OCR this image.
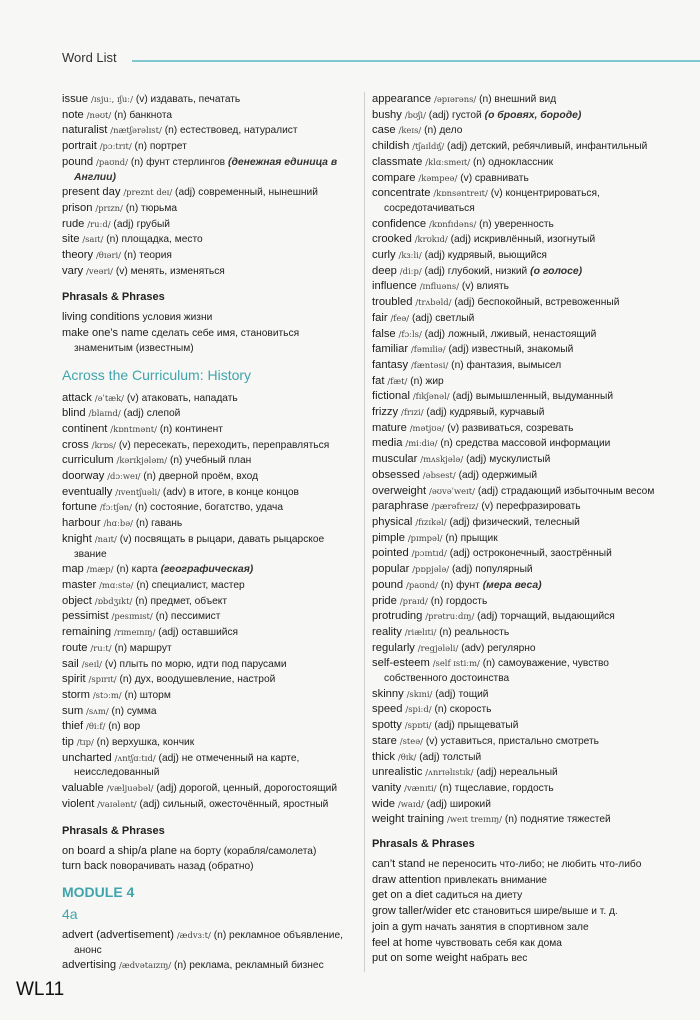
Word List
issue /ɪsjuː, ɪʃuː/ (v) издавать, печатать
note /nəʊt/ (n) банкнота
naturalist /nætʃərəlɪst/ (n) естествовед, натуралист
portrait /pɔːtrɪt/ (n) портрет
pound /paʊnd/ (n) фунт стерлингов (денежная единица в Англии)
present day /preznt deɪ/ (adj) современный, нынешний
prison /prɪzn/ (n) тюрьма
rude /ruːd/ (adj) грубый
site /saɪt/ (n) площадка, место
theory /θɪəri/ (n) теория
vary /veəri/ (v) менять, изменяться
Phrasals & Phrases
living conditions условия жизни
make one’s name сделать себе имя, становиться знаменитым (известным)
Across the Curriculum: History
attack /əˈtæk/ (v) атаковать, нападать
blind /blaɪnd/ (adj) слепой
continent /kɒntɪnənt/ (n) континент
cross /krɒs/ (v) пересекать, переходить, переправляться
curriculum /kərɪkjələm/ (n) учебный план
doorway /dɔːweɪ/ (n) дверной проём, вход
eventually /ɪventʃuəli/ (adv) в итоге, в конце концов
fortune /fɔːtʃən/ (n) состояние, богатство, удача
harbour /hɑːbə/ (n) гавань
knight /naɪt/ (v) посвящать в рыцари, давать рыцарское звание
map /mæp/ (n) карта (географическая)
master /mɑːstə/ (n) специалист, мастер
object /ɒbdʒɪkt/ (n) предмет, объект
pessimist /pesɪmɪst/ (n) пессимист
remaining /rɪmeɪnɪŋ/ (adj) оставшийся
route /ruːt/ (n) маршрут
sail /seɪl/ (v) плыть по морю, идти под парусами
spirit /spɪrɪt/ (n) дух, воодушевление, настрой
storm /stɔːm/ (n) шторм
sum /sʌm/ (n) сумма
thief /θiːf/ (n) вор
tip /tɪp/ (n) верхушка, кончик
uncharted /ʌntʃɑːtɪd/ (adj) не отмеченный на карте, неисследованный
valuable /væljuəbəl/ (adj) дорогой, ценный, дорогостоящий
violent /vaɪələnt/ (adj) сильный, ожесточённый, яростный
Phrasals & Phrases
on board a ship/a plane на борту (корабля/самолета)
turn back поворачивать назад (обратно)
MODULE 4
4a
advert (advertisement) /ædvɜːt/ (n) рекламное объявление, анонс
advertising /ædvətaɪzɪŋ/ (n) реклама, рекламный бизнес
appearance /əpɪərəns/ (n) внешний вид
bushy /bʊʃi/ (adj) густой (о бровях, бороде)
case /keɪs/ (n) дело
childish /tʃaɪldɪʃ/ (adj) детский, ребячливый, инфантильный
classmate /klɑːsmeɪt/ (n) одноклассник
compare /kəmpeə/ (v) сравнивать
concentrate /kɒnsəntreɪt/ (v) концентрироваться, сосредотачиваться
confidence /kɒnfɪdəns/ (n) уверенность
crooked /krʊkɪd/ (adj) искривлённый, изогнутый
curly /kɜːli/ (adj) кудрявый, вьющийся
deep /diːp/ (adj) глубокий, низкий (о голосе)
influence /ɪnfluəns/ (v) влиять
troubled /trʌbəld/ (adj) беспокойный, встревоженный
fair /feə/ (adj) светлый
false /fɔːls/ (adj) ложный, лживый, ненастоящий
familiar /fəmɪliə/ (adj) известный, знакомый
fantasy /fæntəsi/ (n) фантазия, вымысел
fat /fæt/ (n) жир
fictional /fɪkʃənəl/ (adj) вымышленный, выдуманный
frizzy /frɪzi/ (adj) кудрявый, курчавый
mature /mətjʊə/ (v) развиваться, созревать
media /miːdiə/ (n) средства массовой информации
muscular /mʌskjələ/ (adj) мускулистый
obsessed /əbsest/ (adj) одержимый
overweight /əʊvəˈweɪt/ (adj) страдающий избыточным весом
paraphrase /pærəfreɪz/ (v) перефразировать
physical /fɪzɪkəl/ (adj) физический, телесный
pimple /pɪmpəl/ (n) прыщик
pointed /pɔɪntɪd/ (adj) остроконечный, заострённый
popular /pɒpjələ/ (adj) популярный
pound /paʊnd/ (n) фунт (мера веса)
pride /praɪd/ (n) гордость
protruding /prətruːdɪŋ/ (adj) торчащий, выдающийся
reality /riælɪti/ (n) реальность
regularly /regjələli/ (adv) регулярно
self-esteem /self ɪstiːm/ (n) самоуважение, чувство собственного достоинства
skinny /skɪni/ (adj) тощий
speed /spiːd/ (n) скорость
spotty /spɒti/ (adj) прыщеватый
stare /steə/ (v) уставиться, пристально смотреть
thick /θɪk/ (adj) толстый
unrealistic /ʌnrɪəlɪstɪk/ (adj) нереальный
vanity /vænɪti/ (n) тщеславие, гордость
wide /waɪd/ (adj) широкий
weight training /weɪt treɪnɪŋ/ (n) поднятие тяжестей
Phrasals & Phrases
can’t stand не переносить что-либо; не любить что-либо
draw attention привлекать внимание
get on a diet садиться на диету
grow taller/wider etc становиться шире/выше и т. д.
join a gym начать занятия в спортивном зале
feel at home чувствовать себя как дома
put on some weight набрать вес
WL11
